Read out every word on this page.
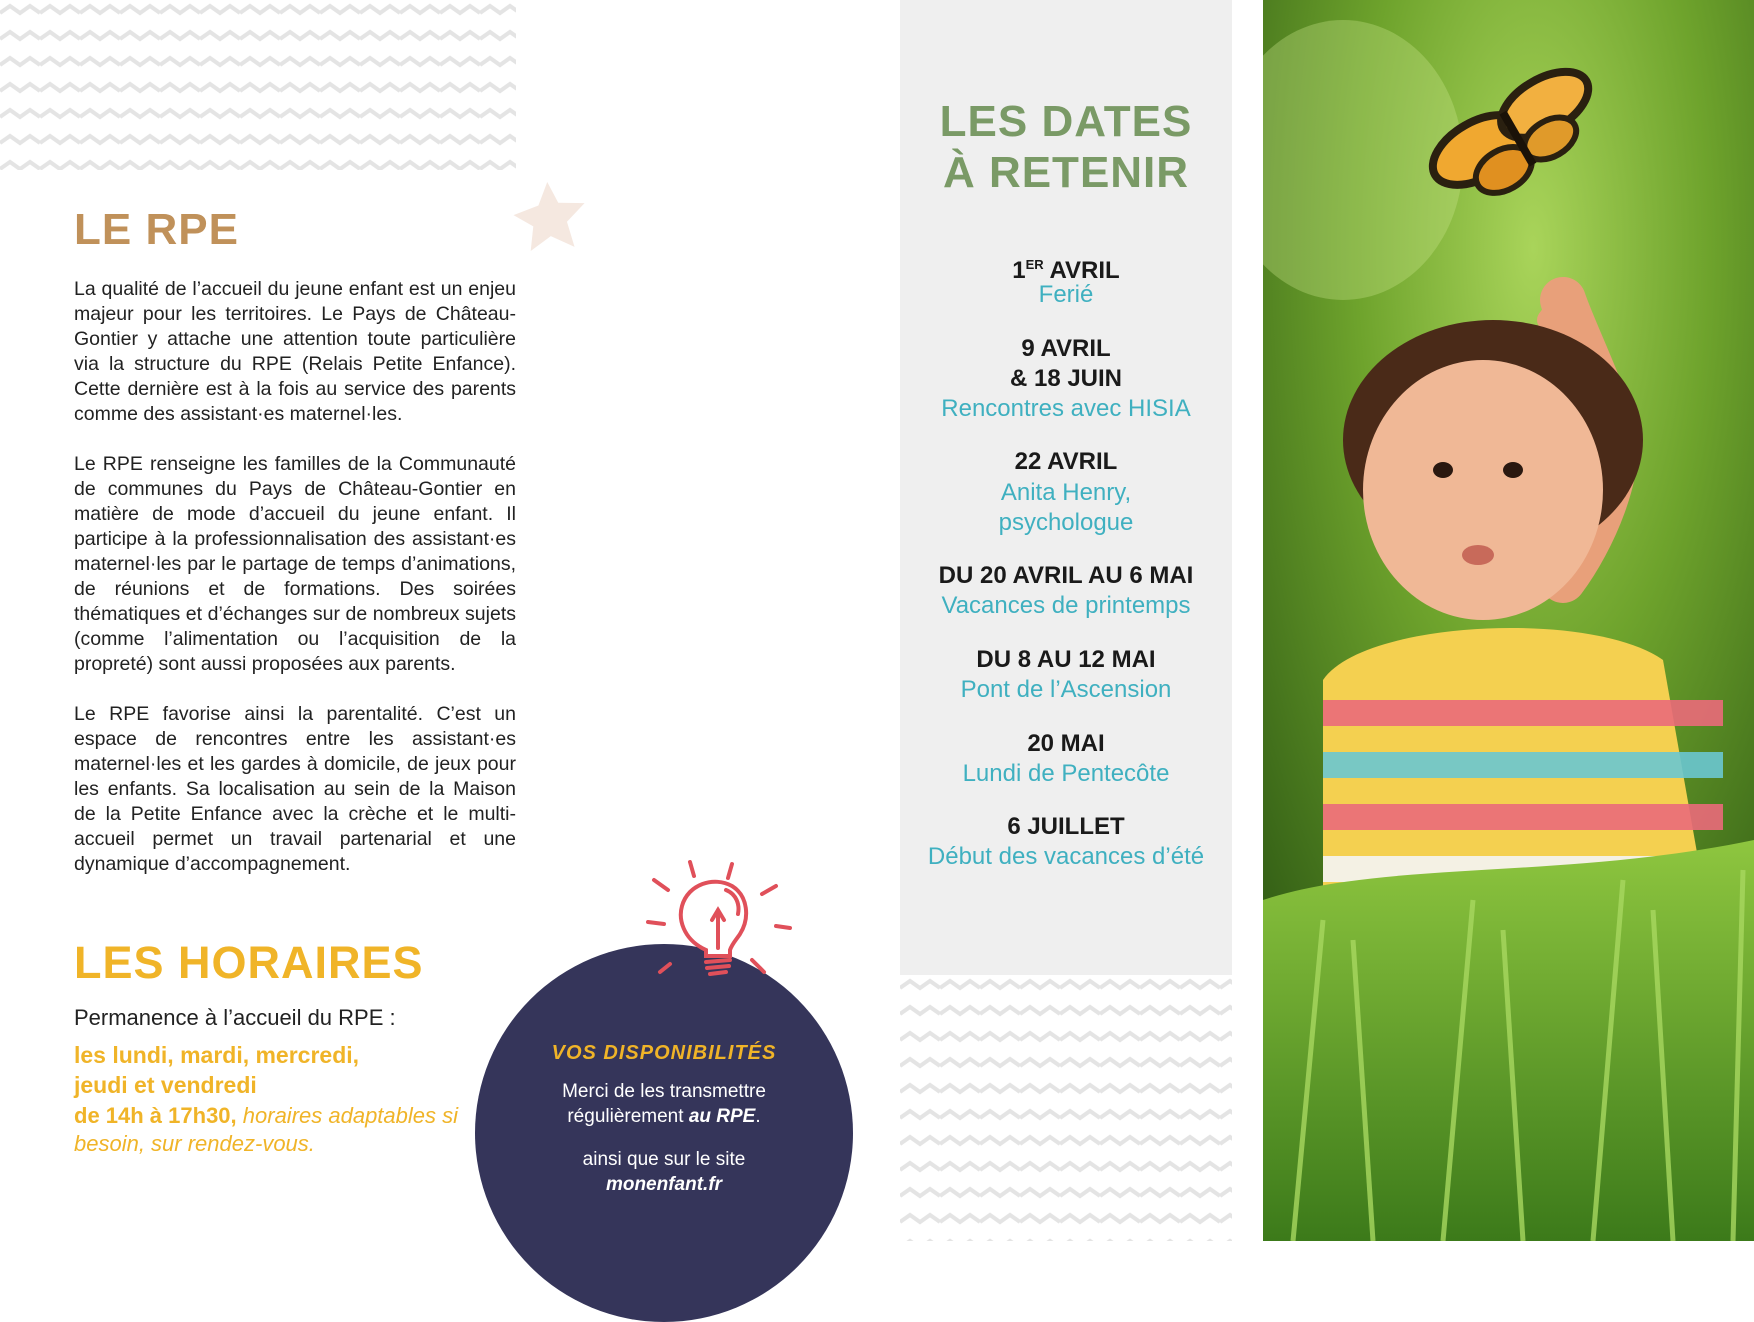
LE RPE
La qualité de l’accueil du jeune enfant est un enjeu majeur pour les territoires. Le Pays de Château-Gontier y attache une attention toute particulière via la structure du RPE (Relais Petite Enfance). Cette dernière est à la fois au service des parents comme des assistant·es maternel·les.
Le RPE renseigne les familles de la Communauté de communes du Pays de Château-Gontier en matière de mode d’accueil du jeune enfant. Il participe à la professionnalisation des assistant·es maternel·les par le partage de temps d’animations, de réunions et de formations. Des soirées thématiques et d’échanges sur de nombreux sujets (comme l’alimentation ou l’acquisition de la propreté) sont aussi proposées aux parents.
Le RPE favorise ainsi la parentalité. C’est un espace de rencontres entre les assistant·es maternel·les et les gardes à domicile, de jeux pour les enfants. Sa localisation au sein de la Maison de la Petite Enfance avec la crèche et le multi-accueil permet un travail partenarial et une dynamique d’accompagnement.
LES HORAIRES
Permanence à l’accueil du RPE :
les lundi, mardi, mercredi,
jeudi et vendredi
de 14h à 17h30, horaires adaptables si besoin, sur rendez-vous.
VOS DISPONIBILITÉS
Merci de les transmettre
régulièrement au RPE.
ainsi que sur le site
monenfant.fr
LES DATES
À RETENIR
1ER AVRIL
Ferié
9 AVRIL
& 18 JUIN
Rencontres avec HISIA
22 AVRIL
Anita Henry,
psychologue
DU 20 AVRIL AU 6 MAI
Vacances de printemps
DU 8 AU 12 MAI
Pont de l’Ascension
20 MAI
Lundi de Pentecôte
6 JUILLET
Début des vacances d’été
